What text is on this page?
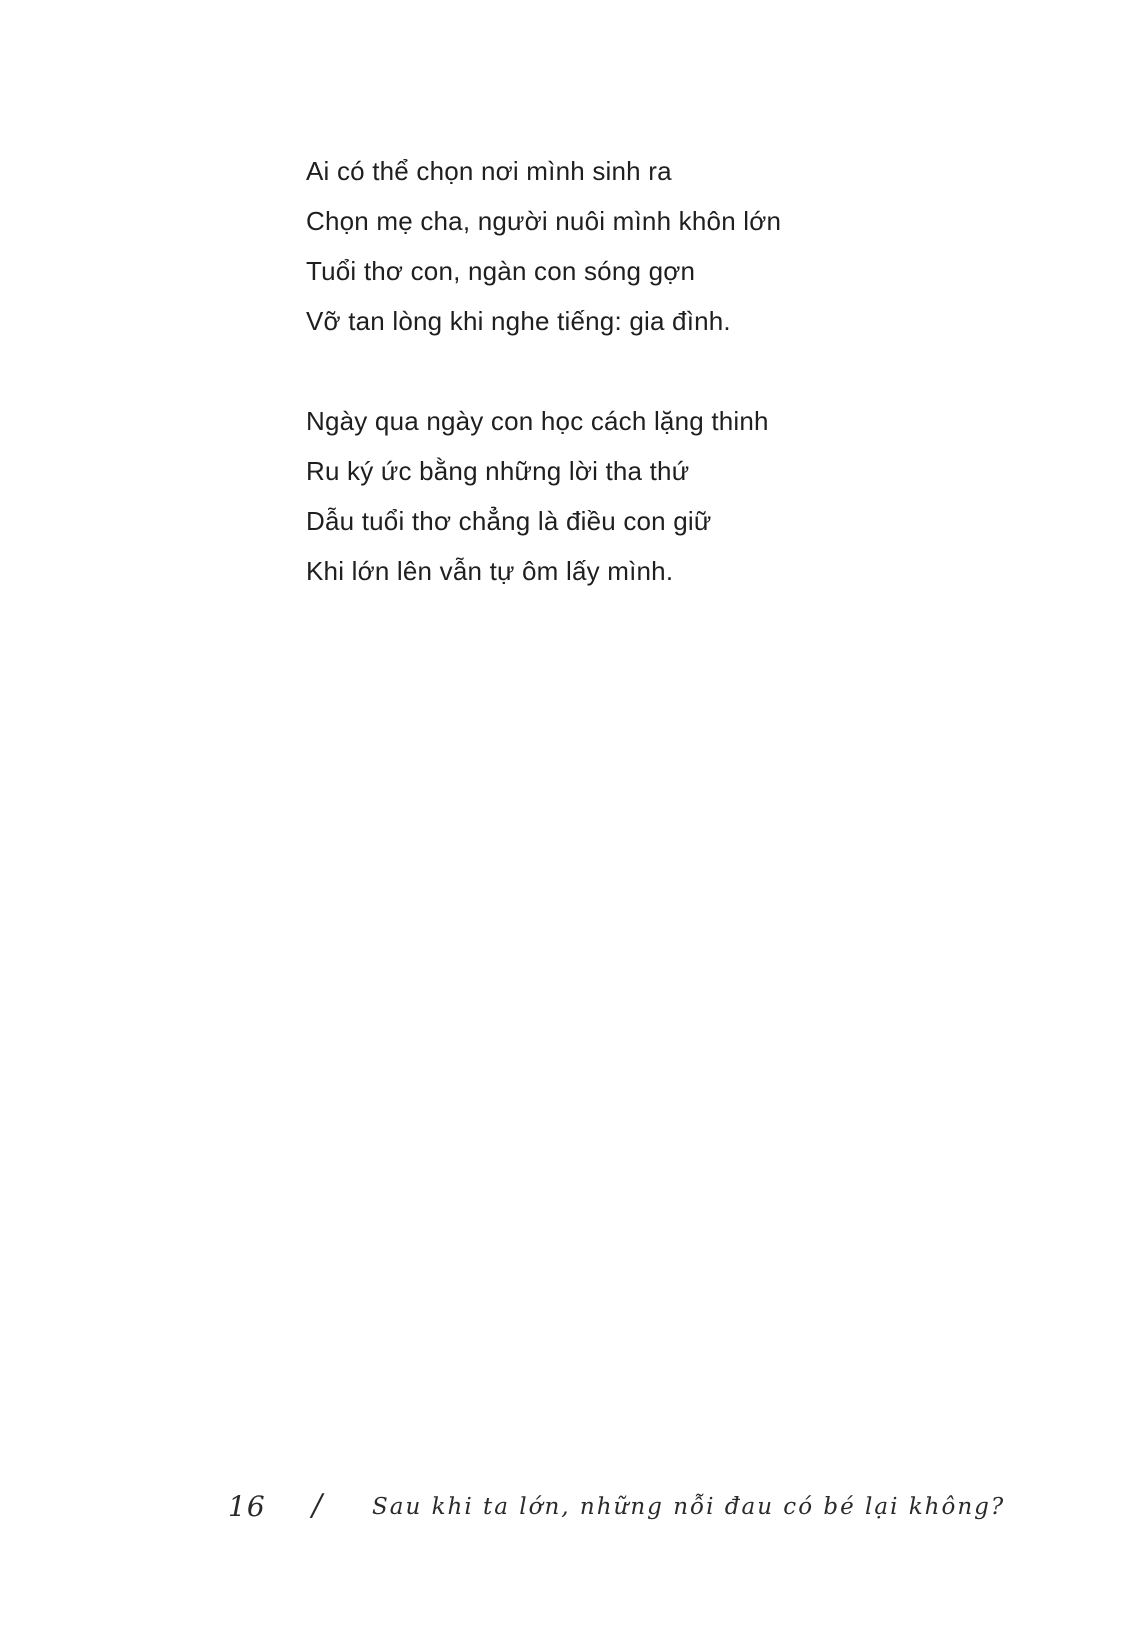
Ai có thể chọn nơi mình sinh ra
Chọn mẹ cha, người nuôi mình khôn lớn
Tuổi thơ con, ngàn con sóng gợn
Vỡ tan lòng khi nghe tiếng: gia đình.
Ngày qua ngày con học cách lặng thinh
Ru ký ức bằng những lời tha thứ
Dẫu tuổi thơ chẳng là điều con giữ
Khi lớn lên vẫn tự ôm lấy mình.
16 / Sau khi ta lớn, những nỗi đau có bé lại không?
